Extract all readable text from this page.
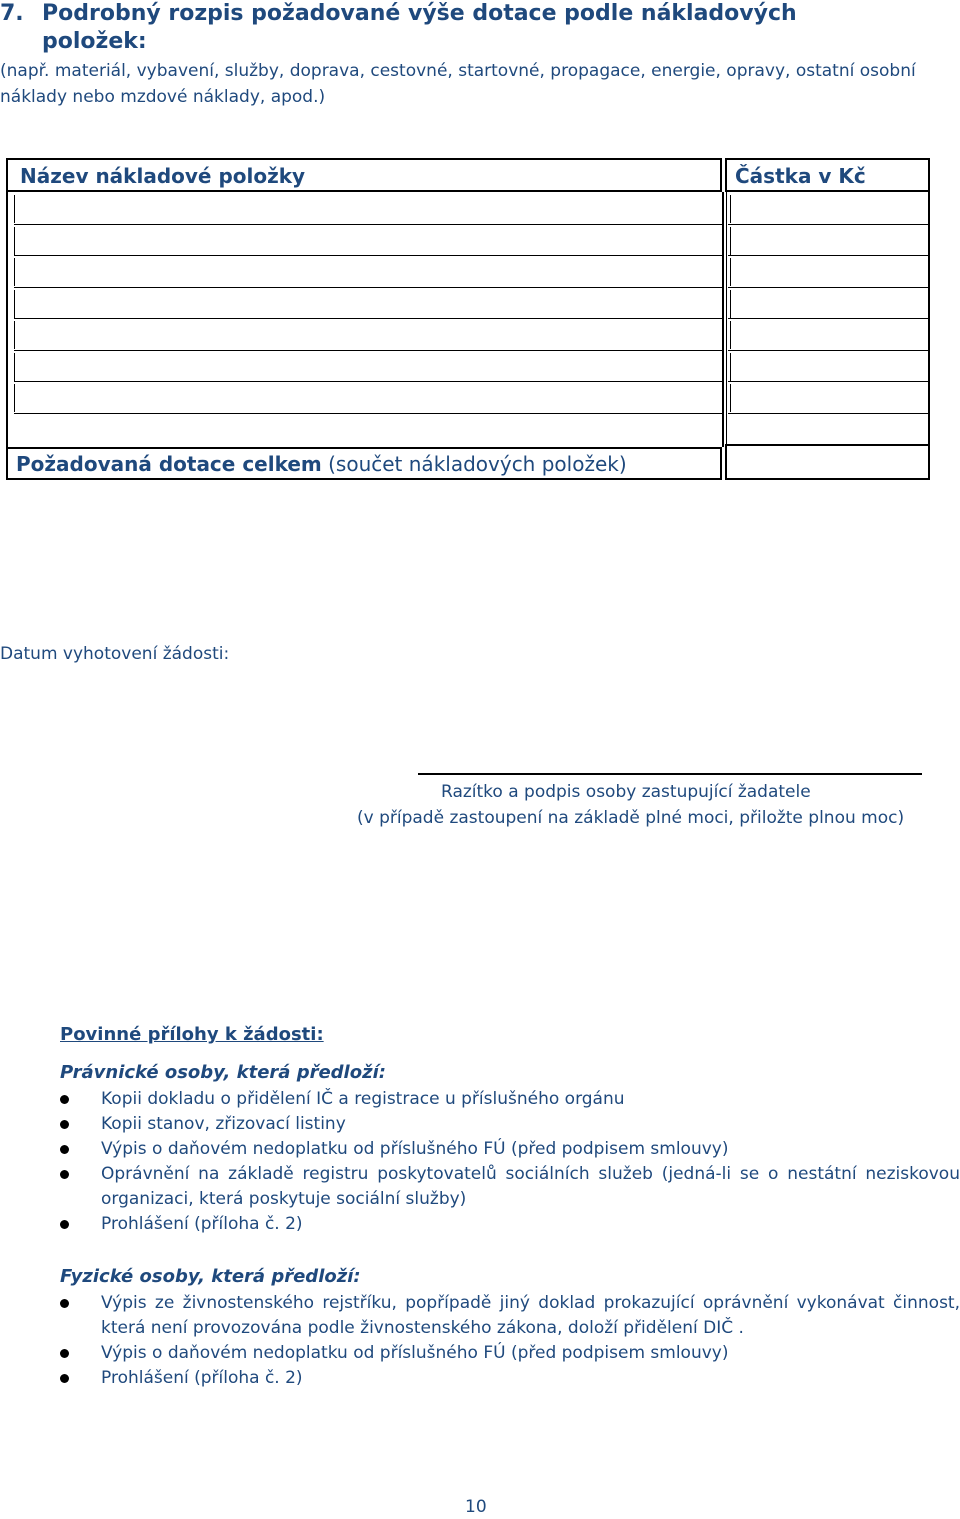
7. Podrobný rozpis požadované výše dotace podle nákladových
položek:
(např. materiál, vybavení, služby, doprava, cestovné, startovné, propagace, energie, opravy, ostatní osobní náklady nebo mzdové náklady, apod.)
Název nákladové položky	Částka v Kč
Požadovaná dotace celkem (součet nákladových položek)
Datum vyhotovení žádosti:
Razítko a podpis osoby zastupující žadatele
(v případě zastoupení na základě plné moci, přiložte plnou moc)
Povinné přílohy k žádosti:
Právnické osoby, která předloží:
Kopii dokladu o přidělení IČ a registrace u příslušného orgánu
Kopii stanov, zřizovací listiny
Výpis o daňovém nedoplatku od příslušného FÚ (před podpisem smlouvy)
Oprávnění na základě registru poskytovatelů sociálních služeb (jedná-li se o nestátní neziskovou organizaci, která poskytuje sociální služby)
Prohlášení (příloha č. 2)
Fyzické osoby, která předloží:
Výpis ze živnostenského rejstříku, popřípadě jiný doklad prokazující oprávnění vykonávat činnost, která není provozována podle živnostenského zákona, doloží přidělení DIČ .
Výpis o daňovém nedoplatku od příslušného FÚ (před podpisem smlouvy)
Prohlášení (příloha č. 2)
10
